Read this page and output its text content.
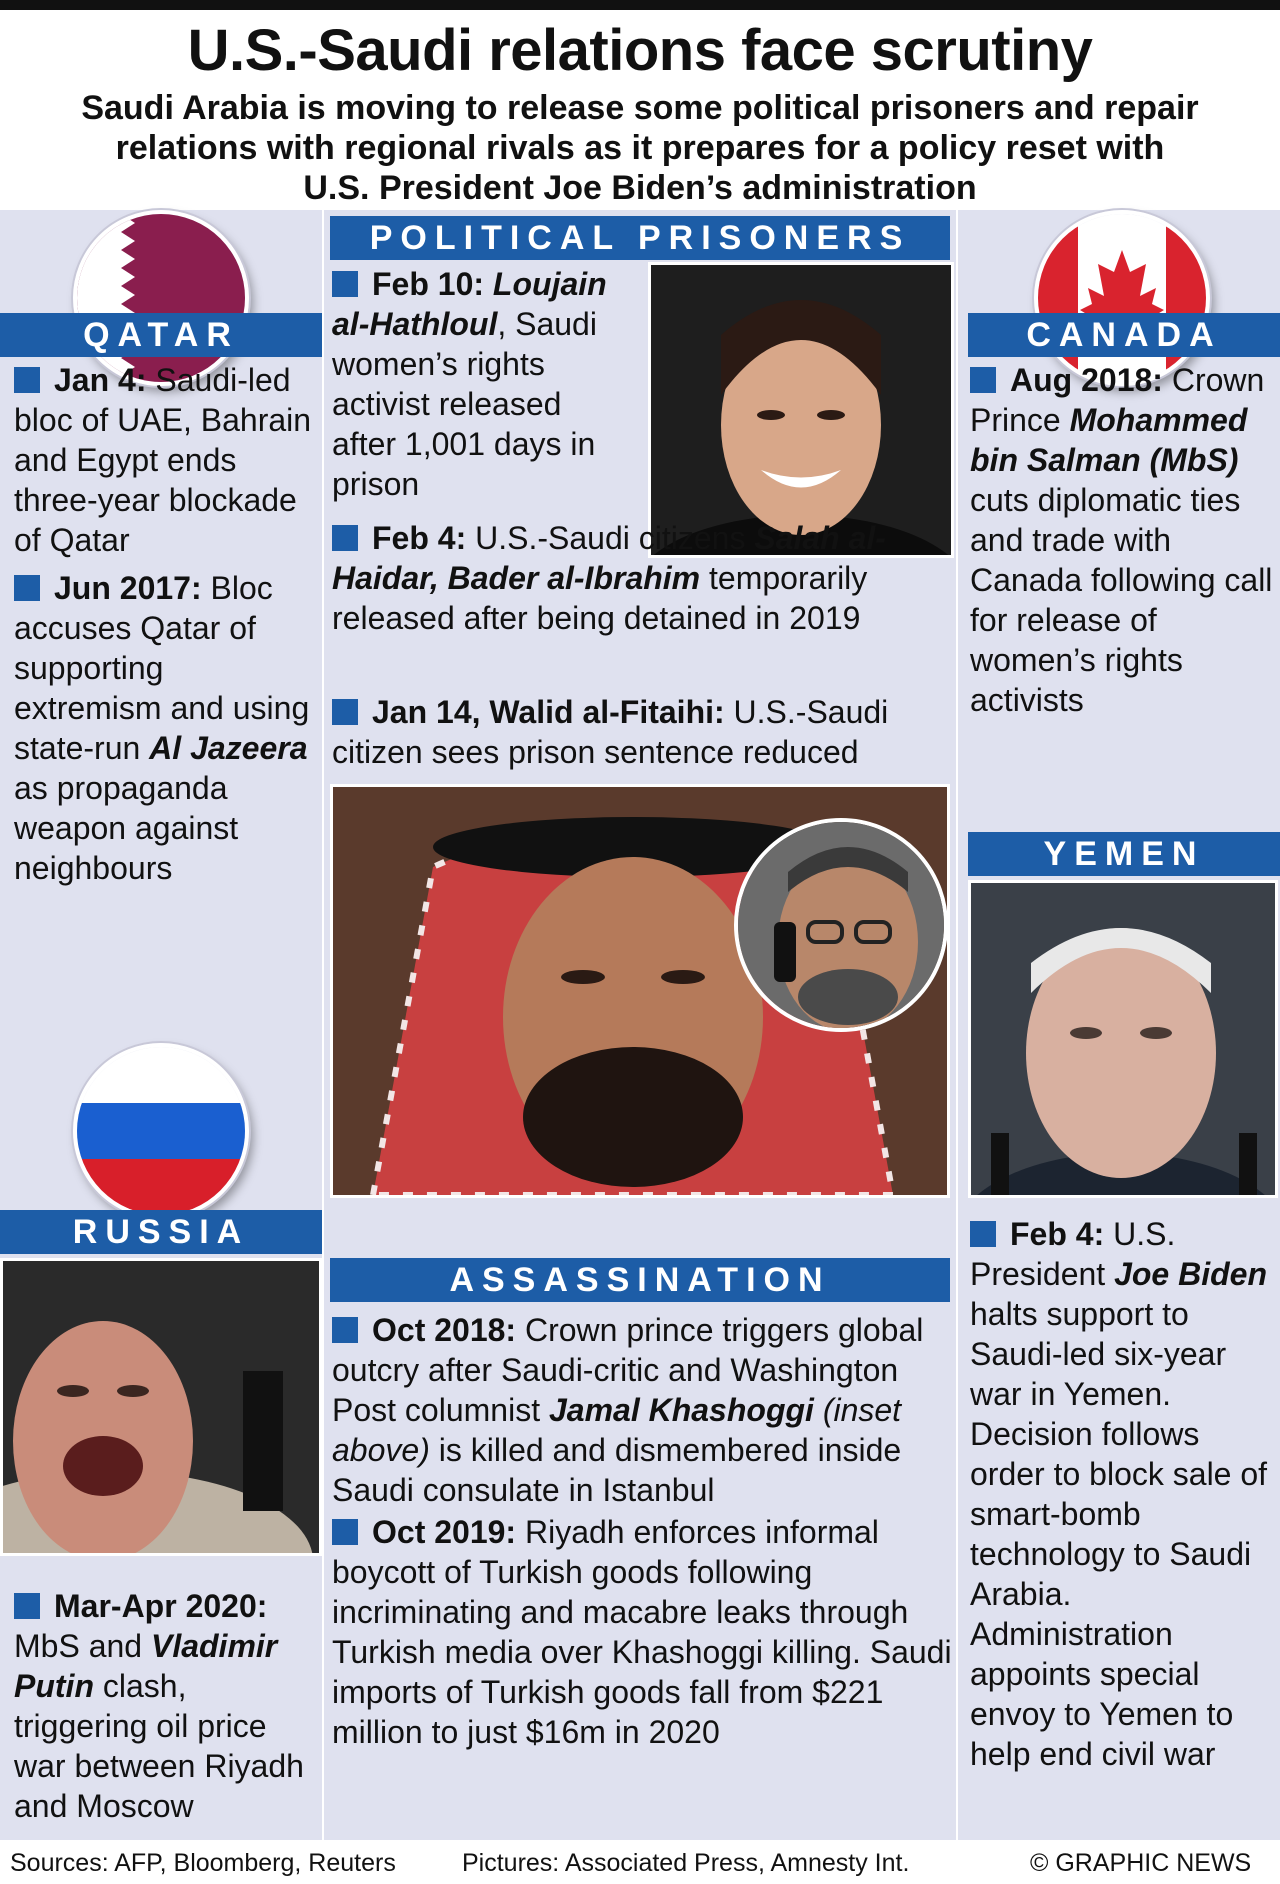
U.S.-Saudi relations face scrutiny
Saudi Arabia is moving to release some political prisoners and repair
relations with regional rivals as it prepares for a policy reset with
U.S. President Joe Biden’s administration
QATAR
Jan 4: Saudi-led bloc of UAE, Bahrain and Egypt ends three-year blockade of Qatar
Jun 2017: Bloc accuses Qatar of supporting extremism and using state-run Al Jazeera as propaganda weapon against neighbours
RUSSIA
Mar-Apr 2020: MbS and Vladimir Putin clash, triggering oil price war between Riyadh and Moscow
POLITICAL PRISONERS
Feb 10: Loujain al-Hathloul, Saudi women’s rights activist released after 1,001 days in prison
Feb 4: U.S.-Saudi citizens Salah al-Haidar, Bader al-Ibrahim temporarily released after being detained in 2019
Jan 14, Walid al-Fitaihi: U.S.-Saudi citizen sees prison sentence reduced
ASSASSINATION
Oct 2018: Crown prince triggers global outcry after Saudi-critic and Washington Post columnist Jamal Khashoggi (inset above) is killed and dismembered inside Saudi consulate in Istanbul
Oct 2019: Riyadh enforces informal boycott of Turkish goods following incriminating and macabre leaks through Turkish media over Khashoggi killing. Saudi imports of Turkish goods fall from $221 million to just $16m in 2020
CANADA
Aug 2018: Crown Prince Mohammed bin Salman (MbS) cuts diplomatic ties and trade with Canada following call for release of women’s rights activists
YEMEN
Feb 4: U.S. President Joe Biden halts support to Saudi-led six-year war in Yemen. Decision follows order to block sale of smart-bomb technology to Saudi Arabia. Administration appoints special envoy to Yemen to help end civil war
Sources: AFP, Bloomberg, Reuters	Pictures: Associated Press, Amnesty Int.	© GRAPHIC NEWS
